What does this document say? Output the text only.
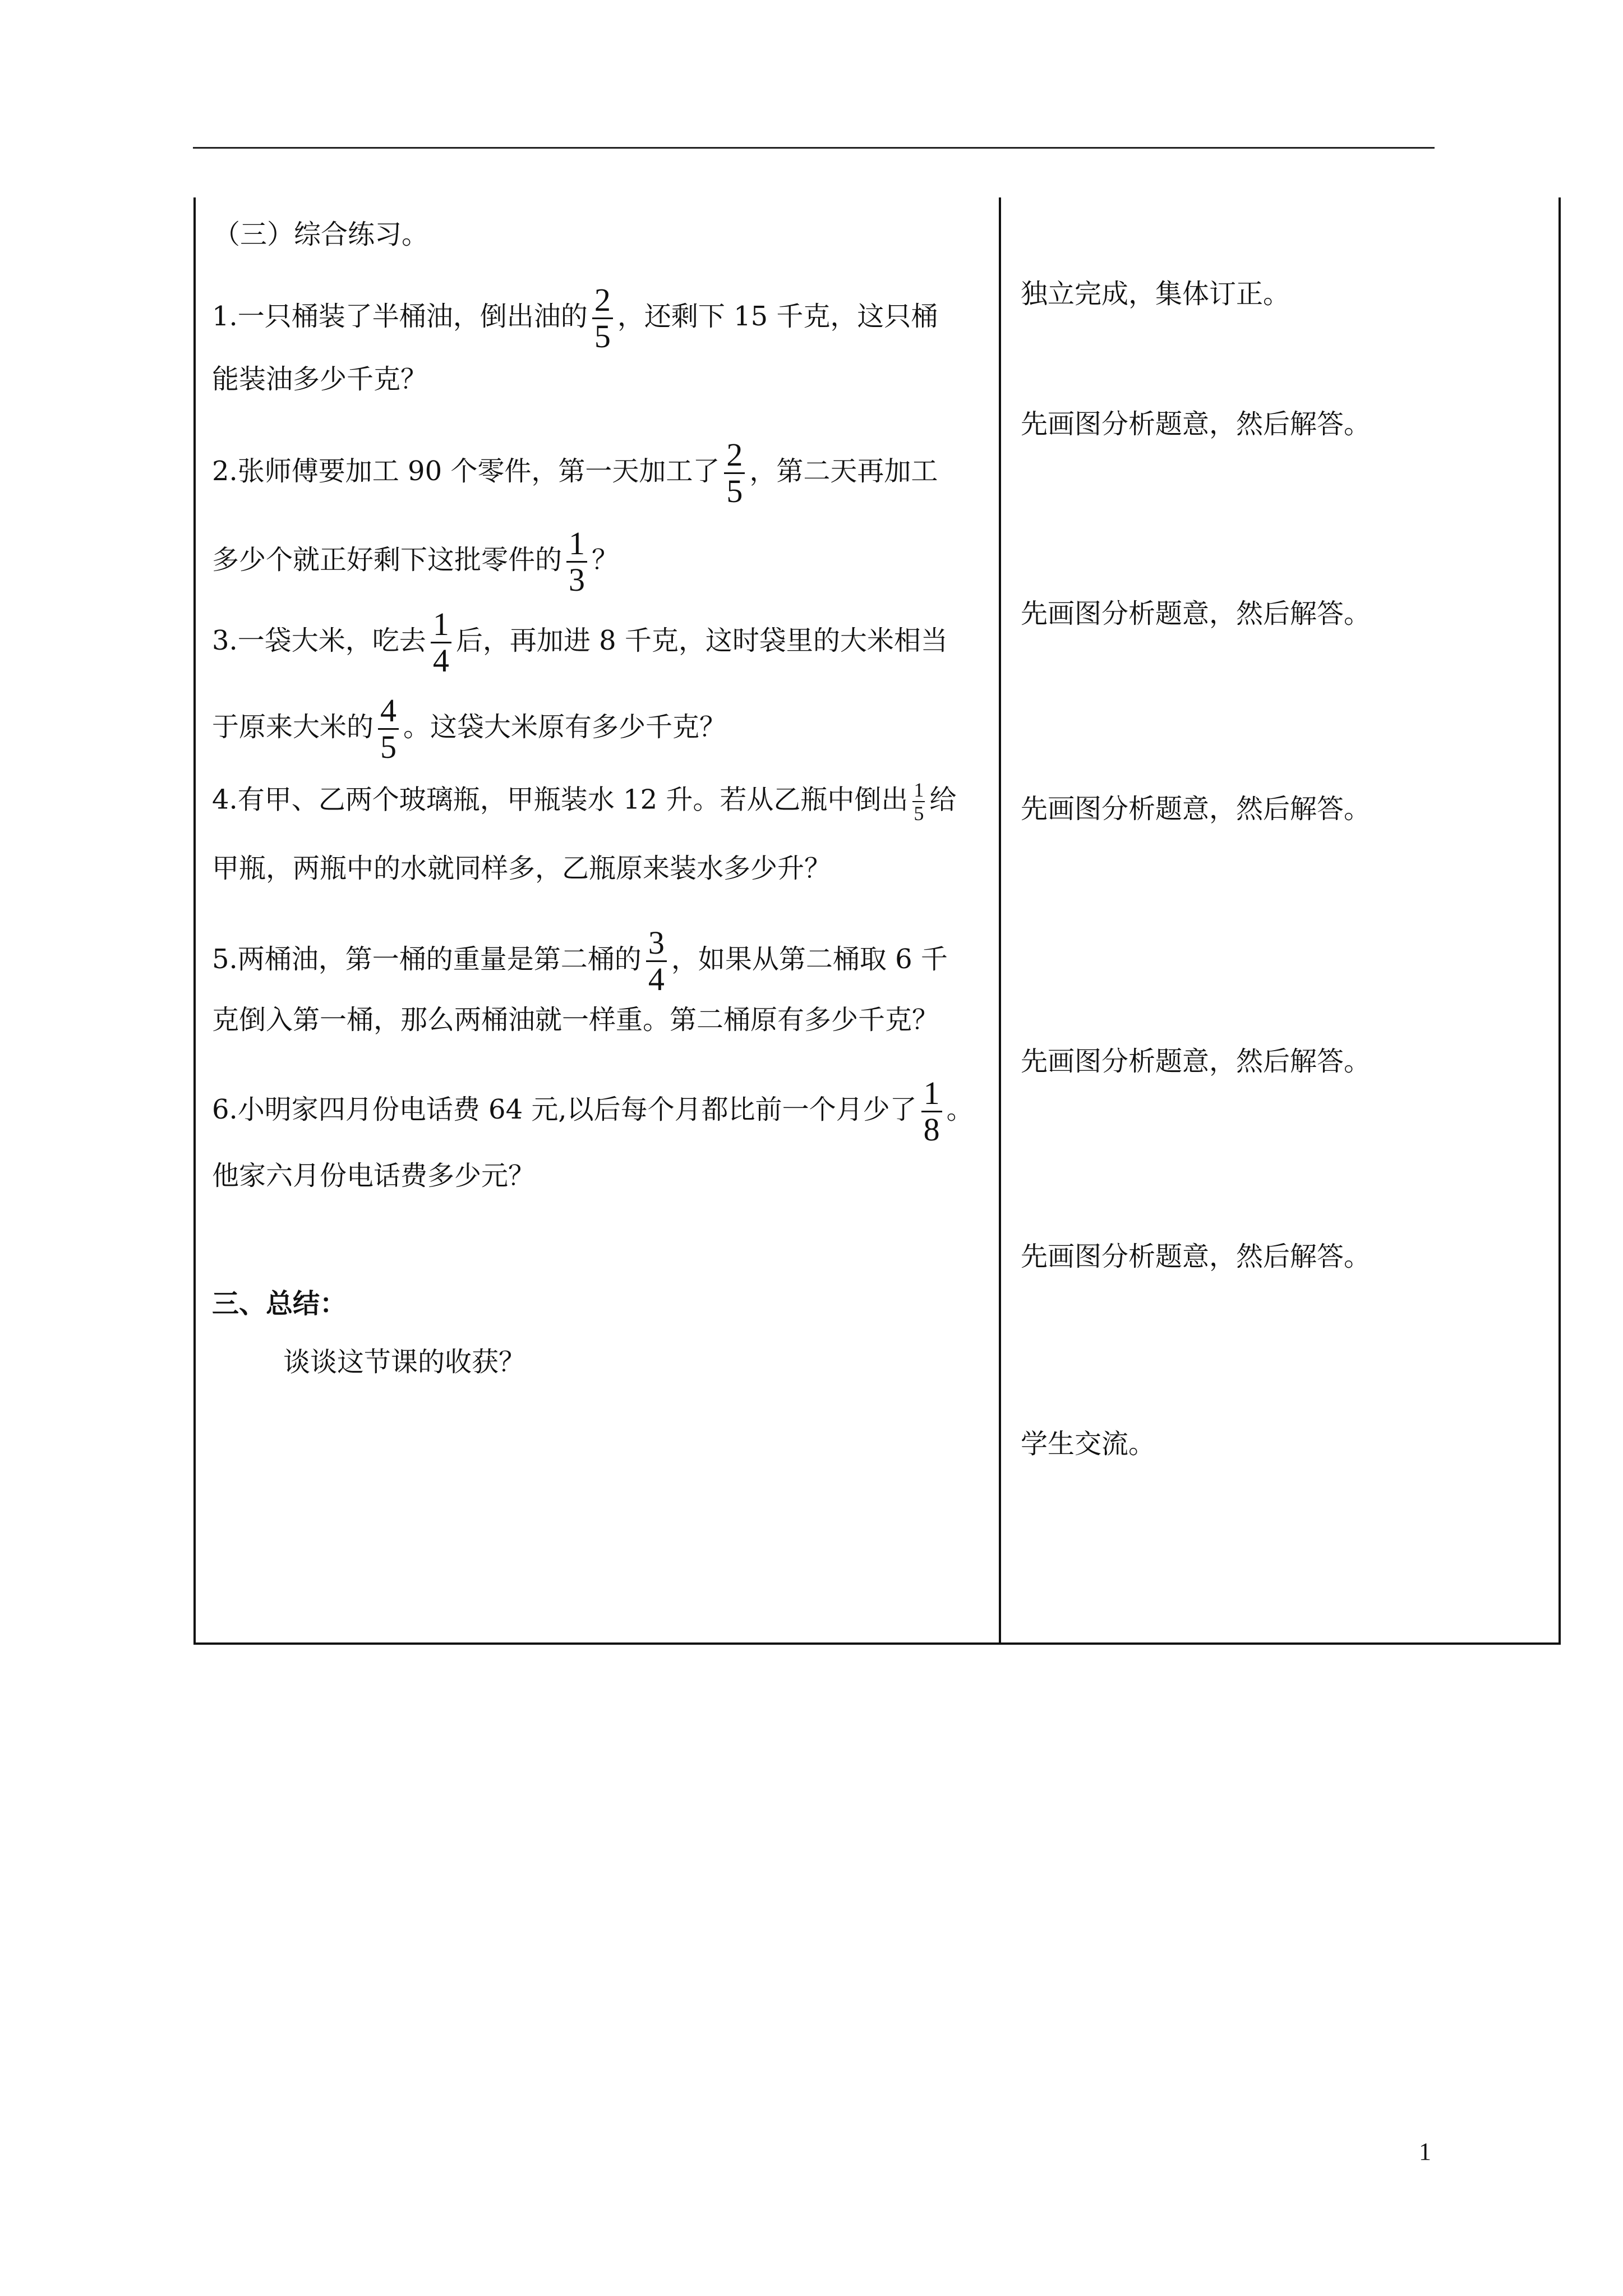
（三）综合练习。
1.一只桶装了半桶油，倒出油的 $\frac{2}{5}$ ，还剩下 15 千克，这只桶
能装油多少千克？
2.张师傅要加工 90 个零件，第一天加工了 $\frac{2}{5}$ ，第二天再加工
多少个就正好剩下这批零件的 $\frac{1}{3}$ ？
3.一袋大米，吃去 $\frac{1}{4}$ 后，再加进 8 千克，这时袋里的大米相当
于原来大米的 $\frac{4}{5}$ 。这袋大米原有多少千克？
4.有甲、乙两个玻璃瓶，甲瓶装水 12 升。若从乙瓶中倒出 $\frac{1}{5}$ 给
甲瓶，两瓶中的水就同样多，乙瓶原来装水多少升？
5.两桶油，第一桶的重量是第二桶的 $\frac{3}{4}$ ，如果从第二桶取 6 千
克倒入第一桶，那么两桶油就一样重。第二桶原有多少千克？
6.小明家四月份电话费 64 元,以后每个月都比前一个月少了 $\frac{1}{8}$ 。
他家六月份电话费多少元？
三、总结：
谈谈这节课的收获？
独立完成，集体订正。
先画图分析题意，然后解答。
先画图分析题意，然后解答。
先画图分析题意，然后解答。
先画图分析题意，然后解答。
先画图分析题意，然后解答。
学生交流。
1
